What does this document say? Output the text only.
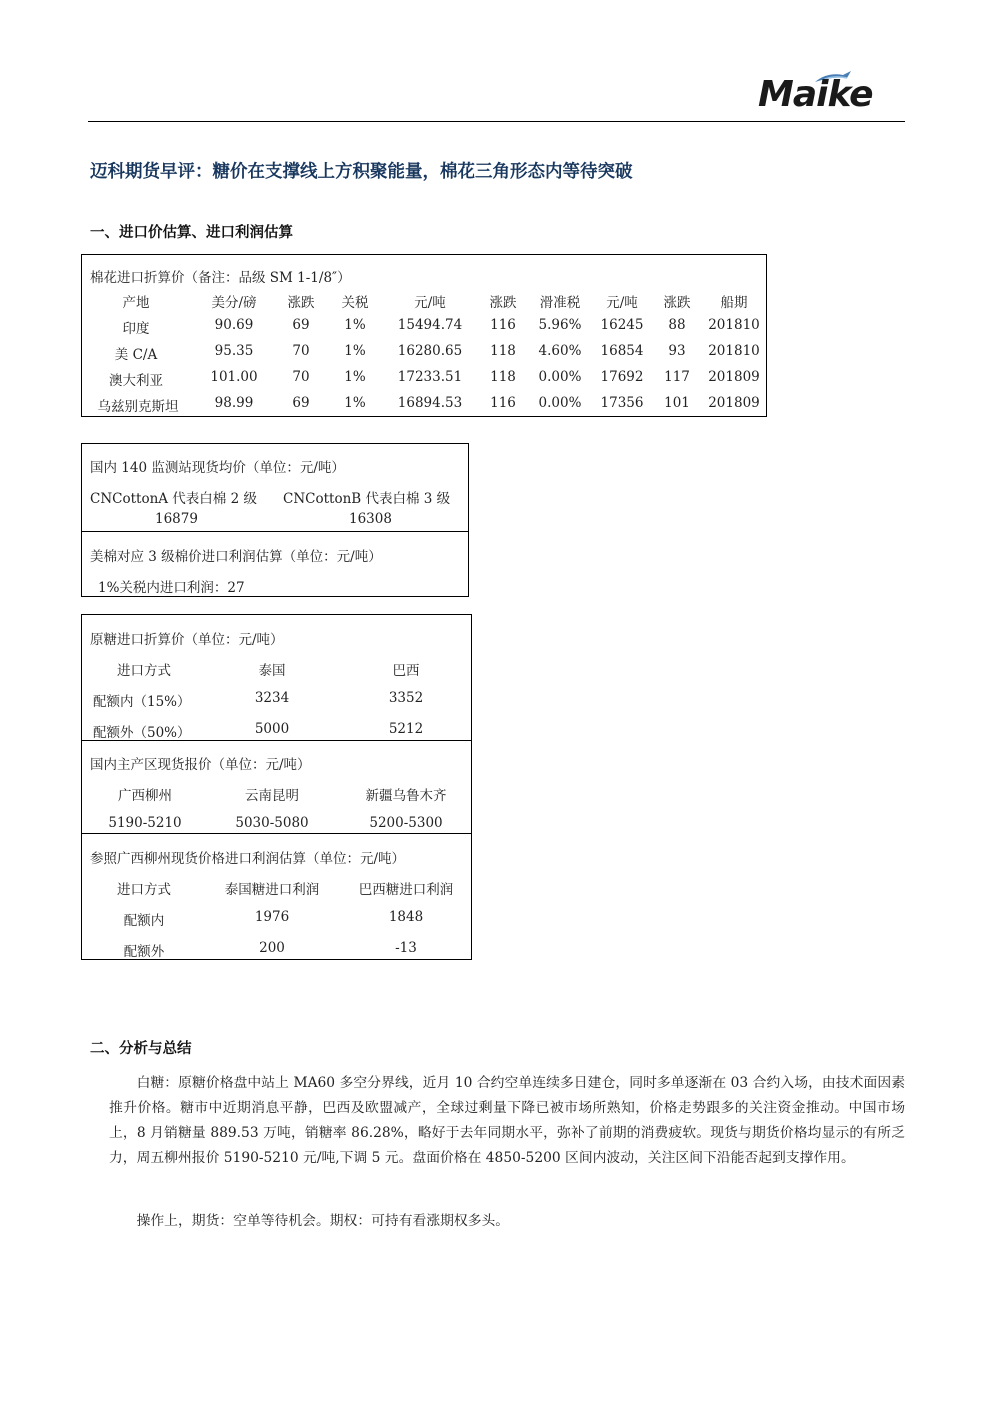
Maike
迈科期货早评：糖价在支撑线上方积聚能量，棉花三角形态内等待突破
一、进口价估算、进口利润估算
棉花进口折算价（备注：品级 SM 1-1/8″）
产地	美分/磅	涨跌	关税	元/吨	涨跌	滑准税	元/吨	涨跌	船期
印度	90.69	69	1%	15494.74	116	5.96%	16245	88	201810
美 C/A	95.35	70	1%	16280.65	118	4.60%	16854	93	201810
澳大利亚	101.00	70	1%	17233.51	118	0.00%	17692	117	201809
乌兹别克斯坦	98.99	69	1%	16894.53	116	0.00%	17356	101	201809
国内 140 监测站现货均价（单位：元/吨）
CNCottonA 代表白棉 2 级 CNCottonB 代表白棉 3 级
16879	16308
美棉对应 3 级棉价进口利润估算（单位：元/吨）
1%关税内进口利润：27
原糖进口折算价（单位：元/吨）
进口方式	泰国	巴西
配额内（15%）	3234	3352
配额外（50%）	5000	5212
国内主产区现货报价（单位：元/吨）
广西柳州	云南昆明	新疆乌鲁木齐
5190-5210	5030-5080	5200-5300
参照广西柳州现货价格进口利润估算（单位：元/吨）
进口方式	泰国糖进口利润	巴西糖进口利润
配额内	1976	1848
配额外	200	-13
二、分析与总结

白糖：原糖价格盘中站上 MA60 多空分界线，近月 10 合约空单连续多日建仓，同时多单逐渐在 03 合约入场，由技术面因素推升价格。糖市中近期消息平静，巴西及欧盟减产，全球过剩量下降已被市场所熟知，价格走势跟多的关注资金推动。中国市场上，8 月销糖量 889.53 万吨，销糖率 86.28%，略好于去年同期水平，弥补了前期的消费疲软。现货与期货价格均显示的有所乏力，周五柳州报价 5190-5210 元/吨,下调 5 元。盘面价格在 4850-5200 区间内波动，关注区间下沿能否起到支撑作用。

操作上，期货：空单等待机会。期权：可持有看涨期权多头。
